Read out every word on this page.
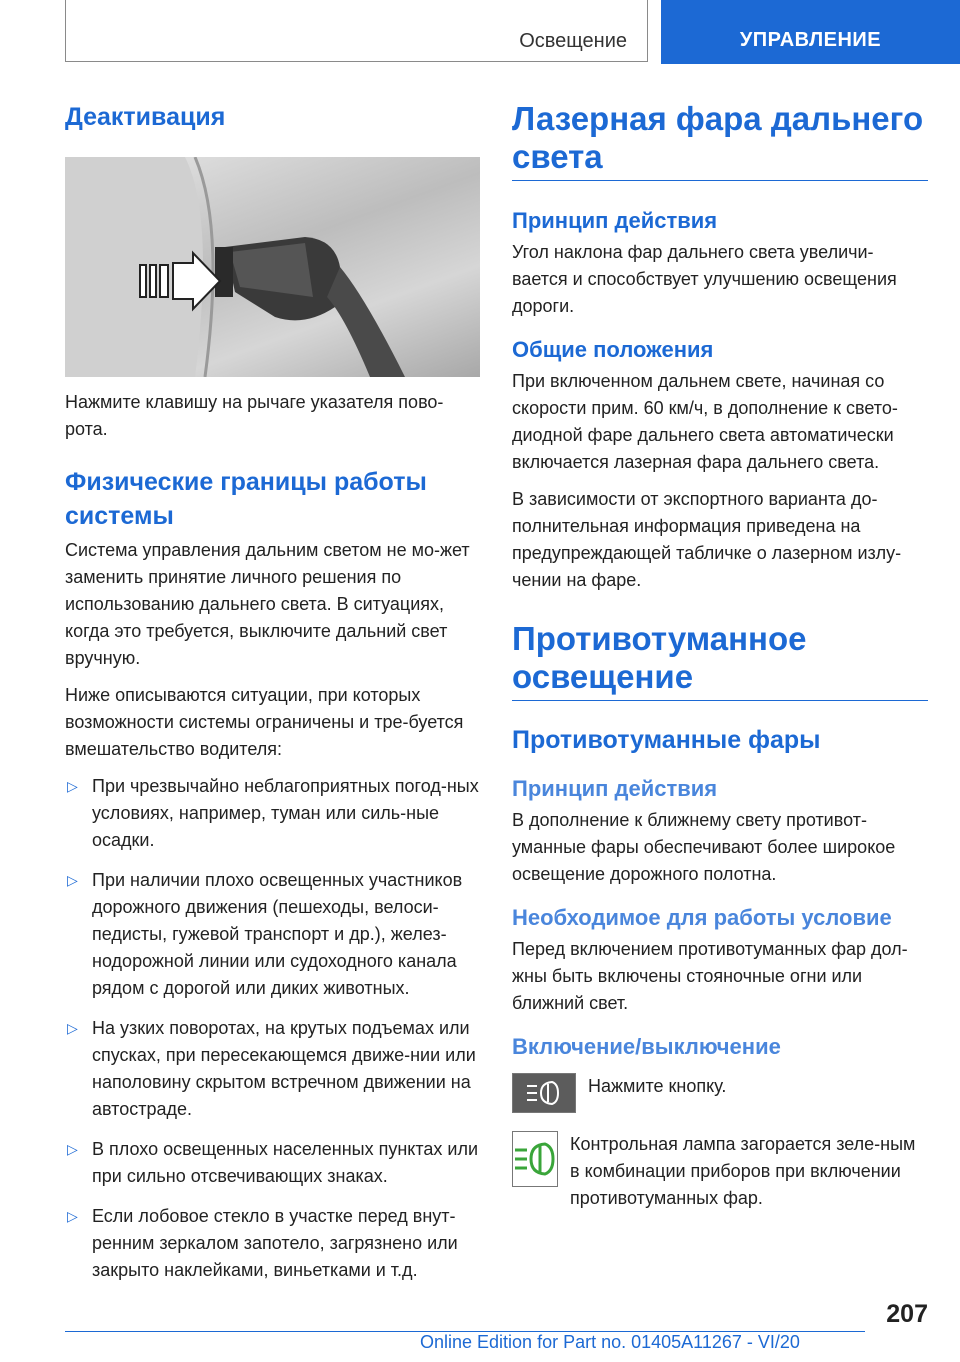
Освещение	УПРАВЛЕНИЕ
Деактивация

Нажмите клавишу на рычаге указателя пово-рота.

Физические границы работы системы

Система управления дальним светом не мо-жет заменить принятие личного решения по использованию дальнего света. В ситуациях, когда это требуется, выключите дальний свет вручную.

Ниже описываются ситуации, при которых возможности системы ограничены и тре-буется вмешательство водителя:

▷ При чрезвычайно неблагоприятных погод-ных условиях, например, туман или силь-ные осадки.
▷ При наличии плохо освещенных участников дорожного движения (пешеходы, велоси-педисты, гужевой транспорт и др.), желез-нодорожной линии или судоходного канала рядом с дорогой или диких животных.
▷ На узких поворотах, на крутых подъемах или спусках, при пересекающемся движе-нии или наполовину скрытом встречном движении на автостраде.
▷ В плохо освещенных населенных пунктах или при сильно отсвечивающих знаках.
▷ Если лобовое стекло в участке перед внут-ренним зеркалом запотело, загрязнено или закрыто наклейками, виньетками и т.д.
Лазерная фара дальнего света
Принцип действия

Угол наклона фар дальнего света увеличи-вается и способствует улучшению освещения дороги.

Общие положения

При включенном дальнем свете, начиная со скорости прим. 60 км/ч, в дополнение к свето-диодной фаре дальнего света автоматически включается лазерная фара дальнего света.

В зависимости от экспортного варианта до-полнительная информация приведена на предупреждающей табличке о лазерном излу-чении на фаре.

Противотуманное освещение
Противотуманные фары
Принцип действия

В дополнение к ближнему свету противот-уманные фары обеспечивают более широкое освещение дорожного полотна.

Необходимое для работы условие

Перед включением противотуманных фар дол-жны быть включены стояночные огни или ближний свет.

Включение/выключение

Нажмите кнопку.

Контрольная лампа загорается зеле-ным в комбинации приборов при включении противотуманных фар.

207
Online Edition for Part no. 01405A11267 - VI/20
